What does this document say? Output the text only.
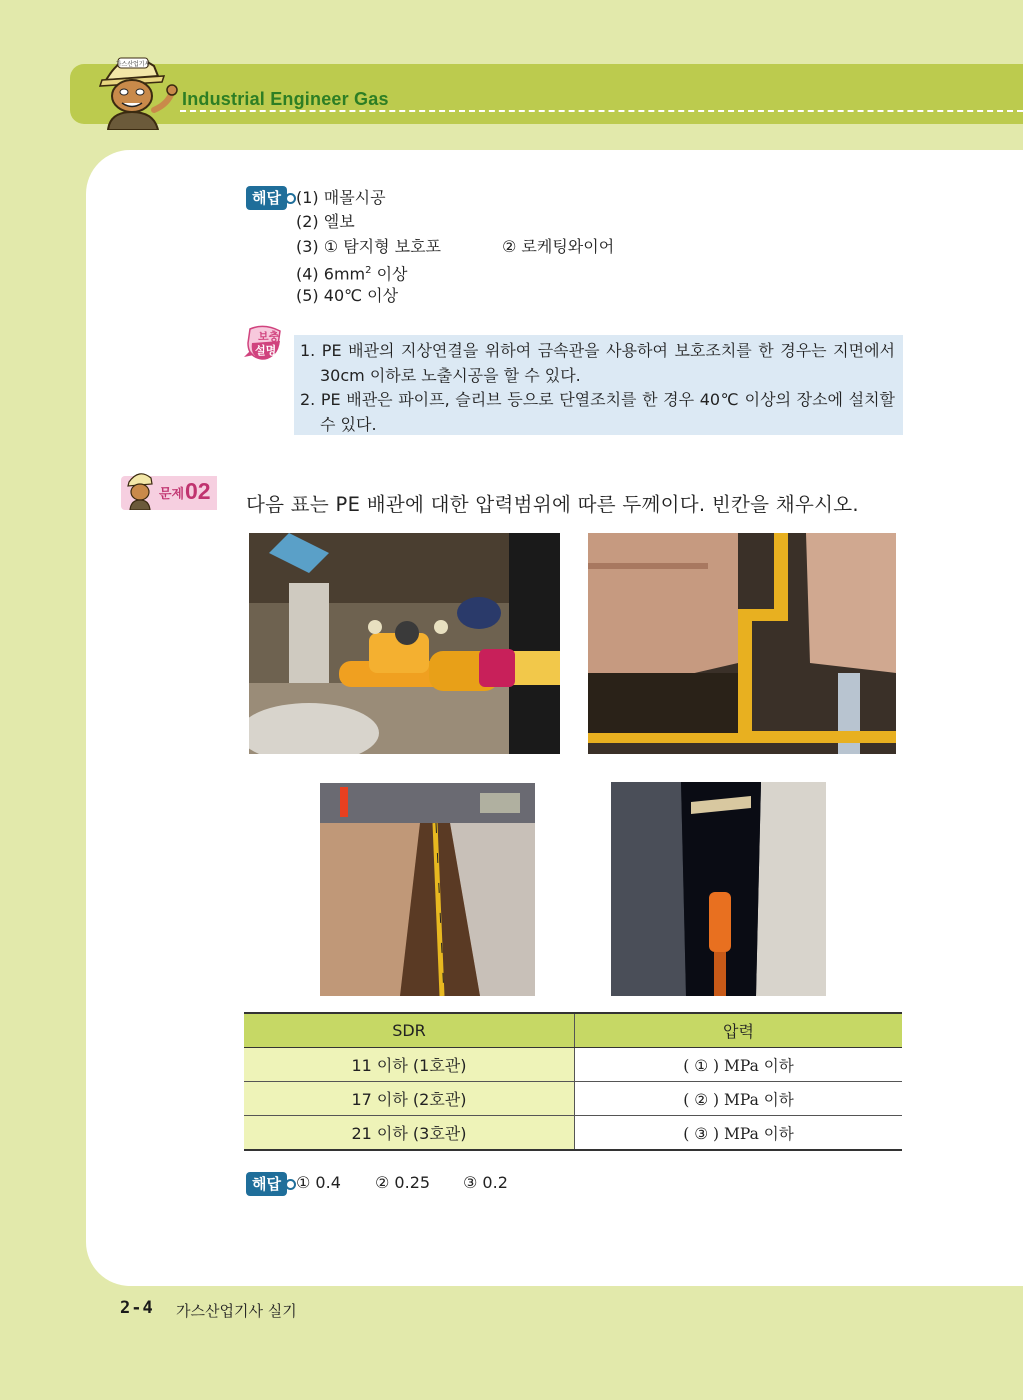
가스산업기사
Industrial Engineer Gas
해답 (1) 매몰시공
(2) 엘보
(3) ① 탐지형 보호포	② 로케팅와이어
(4) $6mm^2$ 이상
(5) 40℃ 이상
보충
설명 1. PE 배관의 지상연결을 위하여 금속관을 사용하여 보호조치를 한 경우는 지면에서
30cm 이하로 노출시공을 할 수 있다.
2. PE 배관은 파이프, 슬리브 등으로 단열조치를 한 경우 40℃ 이상의 장소에 설치할
수 있다.
문제 02
다음 표는 PE 배관에 대한 압력범위에 따른 두께이다. 빈칸을 채우시오.
SDR	압력
11 이하 (1호관)	( ① ) MPa 이하
17 이하 (2호관)	( ② ) MPa 이하
21 이하 (3호관)	( ③ ) MPa 이하
해답 ① 0.4 ② 0.25 ③ 0.2
2-4 가스산업기사 실기
